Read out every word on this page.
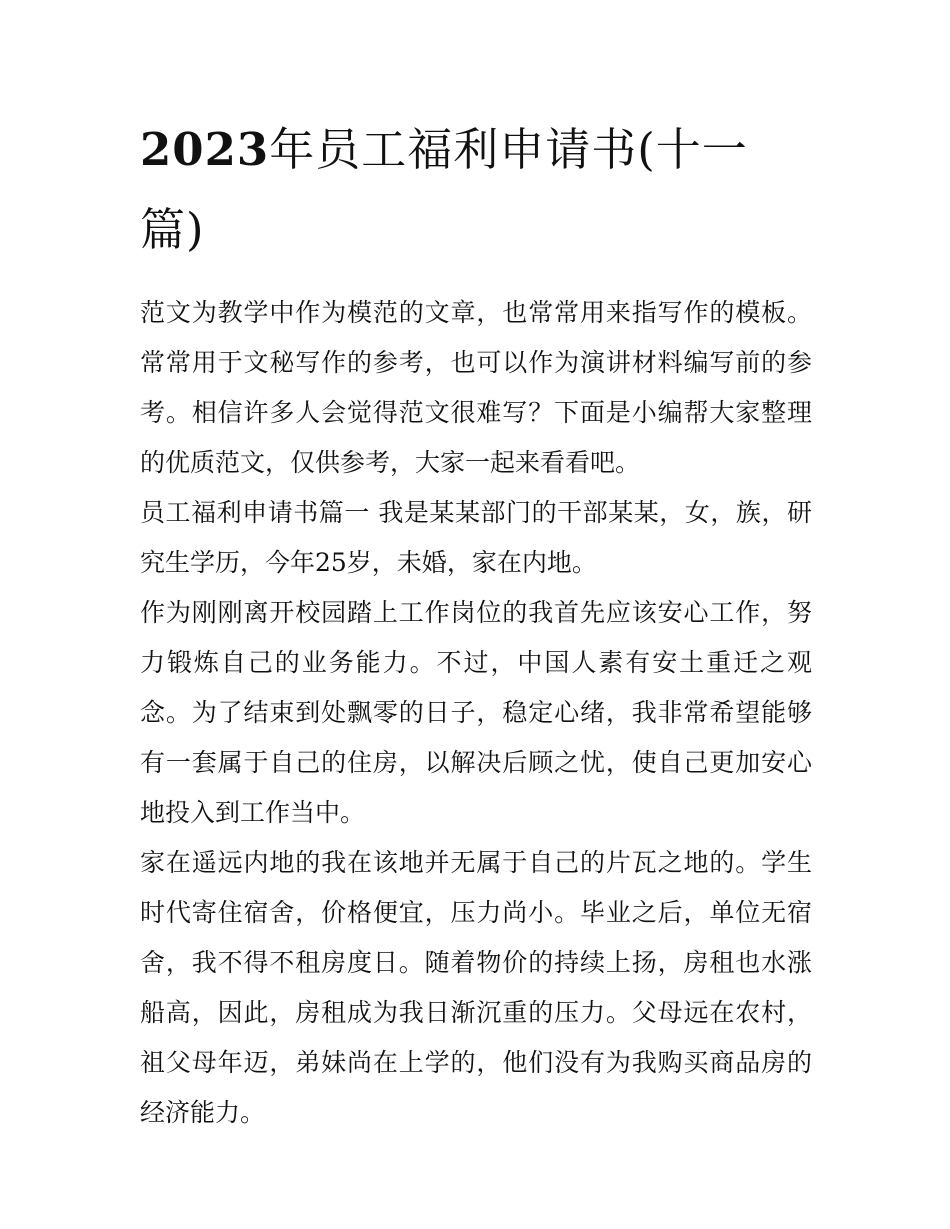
2023年员工福利申请书(十一篇)

范文为教学中作为模范的文章，也常常用来指写作的模板。常常用于文秘写作的参考，也可以作为演讲材料编写前的参考。相信许多人会觉得范文很难写？下面是小编帮大家整理的优质范文，仅供参考，大家一起来看看吧。

员工福利申请书篇一 我是某某部门的干部某某，女，族，研究生学历，今年25岁，未婚，家在内地。

作为刚刚离开校园踏上工作岗位的我首先应该安心工作，努力锻炼自己的业务能力。不过，中国人素有安土重迁之观念。为了结束到处飘零的日子，稳定心绪，我非常希望能够有一套属于自己的住房，以解决后顾之忧，使自己更加安心地投入到工作当中。

家在遥远内地的我在该地并无属于自己的片瓦之地的。学生时代寄住宿舍，价格便宜，压力尚小。毕业之后，单位无宿舍，我不得不租房度日。随着物价的持续上扬，房租也水涨船高，因此，房租成为我日渐沉重的压力。父母远在农村，祖父母年迈，弟妹尚在上学的，他们没有为我购买商品房的经济能力。
